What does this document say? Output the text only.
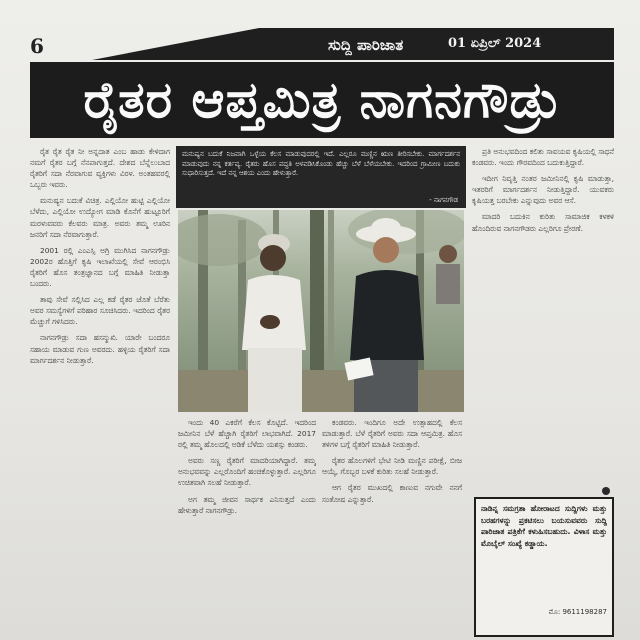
6	ಸುದ್ದಿ ಪಾರಿಜಾತ	01 ಏಪ್ರಿಲ್ 2024
ರೈತರ ಆಪ್ತಮಿತ್ರ ನಾಗನಗೌಡ್ರು

ರೈತ ರೈತ ರೈತ ನೀ ಅನ್ನದಾತ ಎಂಬ ಹಾಡು ಕೇಳಿದಾಗ ನಮಗೆ ರೈತರ ಬಗ್ಗೆ ನೆನಪಾಗುತ್ತದೆ. ದೇಶದ ಬೆನ್ನೆಲುಬಾದ ರೈತರಿಗೆ ಸದಾ ನೆರವಾಗುವ ವ್ಯಕ್ತಿಗಳು ವಿರಳ. ಅಂತಹವರಲ್ಲಿ ಒಬ್ಬರು ಇವರು.

ಮನುಷ್ಯನ ಬದುಕೆ ವಿಚಿತ್ರ. ಎಲ್ಲಿಯೋ ಹುಟ್ಟಿ ಎಲ್ಲಿಯೋ ಬೆಳೆದು, ಎಲ್ಲಿಯೋ ಉದ್ಯೋಗ ಮಾಡಿ ಕೊನೆಗೆ ಹುಟ್ಟೂರಿಗೆ ಮರಳುವವರು ಕೆಲವರು ಮಾತ್ರ. ಅವರು ತಮ್ಮ ಊರಿನ ಜನರಿಗೆ ಸದಾ ನೆರವಾಗುತ್ತಾರೆ.

2001 ರಲ್ಲಿ ಎಂಎಸ್ಸಿ ಅಗ್ರಿ ಮುಗಿಸಿದ ನಾಗನಗೌಡ್ರು 2002ರ ಹೊತ್ತಿಗೆ ಕೃಷಿ ಇಲಾಖೆಯಲ್ಲಿ ಸೇವೆ ಆರಂಭಿಸಿ ರೈತರಿಗೆ ಹೊಸ ತಂತ್ರಜ್ಞಾನದ ಬಗ್ಗೆ ಮಾಹಿತಿ ನೀಡುತ್ತಾ ಬಂದರು.

ತಾವು ಸೇವೆ ಸಲ್ಲಿಸಿದ ಎಲ್ಲ ಕಡೆ ರೈತರ ಜೊತೆ ಬೆರೆತು ಅವರ ಸಮಸ್ಯೆಗಳಿಗೆ ಪರಿಹಾರ ಸೂಚಿಸಿದರು. ಇದರಿಂದ ರೈತರ ಮೆಚ್ಚುಗೆ ಗಳಿಸಿದರು.

ನಾಗನಗೌಡ್ರು ಸದಾ ಹಸನ್ಮುಖಿ. ಯಾರೇ ಬಂದರೂ ಸಹಾಯ ಮಾಡುವ ಗುಣ ಅವರದು. ಹಳ್ಳಿಯ ರೈತರಿಗೆ ಸದಾ ಮಾರ್ಗದರ್ಶನ ನೀಡುತ್ತಾರೆ.

ಮನುಷ್ಯನ ಬದುಕೆ ನಿಜವಾಗಿ ಒಳ್ಳೆಯ ಕೆಲಸ ಮಾಡುವುದರಲ್ಲಿ ಇದೆ. ಎಲ್ಲರೂ ಮಣ್ಣಿನ ಋಣ ತೀರಿಸಬೇಕು. ಮಾರ್ಗದರ್ಶನ ಮಾಡುವುದು ನನ್ನ ಕರ್ತವ್ಯ. ರೈತರು ಹೊಸ ಪದ್ಧತಿ ಅಳವಡಿಸಿಕೊಂಡು ಹೆಚ್ಚು ಬೆಳೆ ಬೆಳೆಯಬೇಕು. ಇದರಿಂದ ಗ್ರಾಮೀಣ ಬದುಕು ಸುಧಾರಿಸುತ್ತದೆ. ಇದೆ ನನ್ನ ಆಶಯ ಎಂದು ಹೇಳುತ್ತಾರೆ.
- ನಾಗನಗೌಡ

ಇಂದು 40 ಎಕರೆಗೆ ಕೆಲಸ ಕೊಟ್ಟಿದೆ. ಇದರಿಂದ ಜಮೀನಿನ ಬೆಳೆ ಹೆಚ್ಚಾಗಿ ರೈತರಿಗೆ ಲಾಭವಾಗಿದೆ. 2017 ರಲ್ಲಿ ತಮ್ಮ ಹೊಲದಲ್ಲಿ ಅಡಿಕೆ ಬೆಳೆದು ಯಶಸ್ಸು ಕಂಡರು.

ಅವರು ಸಣ್ಣ ರೈತರಿಗೆ ಮಾದರಿಯಾಗಿದ್ದಾರೆ. ತಮ್ಮ ಅನುಭವವನ್ನು ಎಲ್ಲರೊಂದಿಗೆ ಹಂಚಿಕೊಳ್ಳುತ್ತಾರೆ. ಎಲ್ಲರಿಗೂ ಉಚಿತವಾಗಿ ಸಲಹೆ ನೀಡುತ್ತಾರೆ.

ಅಗ ತಮ್ಮ ಜೀವನ ಸಾರ್ಥಕ ಎನಿಸುತ್ತದೆ ಎಂದು ಹೇಳುತ್ತಾರೆ ನಾಗನಗೌಡ್ರು.

ಕಂಡವರು. ಇಂದಿಗೂ ಅದೇ ಉತ್ಸಾಹದಲ್ಲಿ ಕೆಲಸ ಮಾಡುತ್ತಾರೆ. ಬೆಳೆ ರೈತರಿಗೆ ಅವರು ಸದಾ ಆಪ್ತಮಿತ್ರ. ಹೊಸ ತಳಿಗಳ ಬಗ್ಗೆ ರೈತರಿಗೆ ಮಾಹಿತಿ ನೀಡುತ್ತಾರೆ.

ರೈತರ ಹೊಲಗಳಿಗೆ ಭೇಟಿ ನೀಡಿ ಮಣ್ಣಿನ ಪರೀಕ್ಷೆ, ಬೀಜ ಆಯ್ಕೆ, ಗೊಬ್ಬರ ಬಳಕೆ ಕುರಿತು ಸಲಹೆ ನೀಡುತ್ತಾರೆ.

ಆಗ ರೈತರ ಮುಖದಲ್ಲಿ ಕಾಣುವ ನಗುವೇ ನನಗೆ ಸಂತೋಷ ಎನ್ನುತ್ತಾರೆ.

ಪ್ರತಿ ಅನುಭವದಿಂದ ಕಲಿತು ಸಾವಯವ ಕೃಷಿಯಲ್ಲಿ ಸಾಧನೆ ಕಂಡವರು. ಇಂದು ಗೌರವದಿಂದ ಬದುಕುತ್ತಿದ್ದಾರೆ.

ಇದೀಗ ನಿವೃತ್ತಿ ನಂತರ ಜಮೀನಿನಲ್ಲಿ ಕೃಷಿ ಮಾಡುತ್ತಾ, ಇತರರಿಗೆ ಮಾರ್ಗದರ್ಶನ ನೀಡುತ್ತಿದ್ದಾರೆ. ಯುವಕರು ಕೃಷಿಯತ್ತ ಬರಬೇಕು ಎನ್ನುವುದು ಅವರ ಆಸೆ.

ಮಾದರಿ ಬದುಕಿನ ಕುರಿತು ಸಾಮಾಜಿಕ ಕಳಕಳಿ ಹೊಂದಿರುವ ನಾಗನಗೌಡರು ಎಲ್ಲರಿಗೂ ಪ್ರೇರಣೆ.

ನಾಡಿನ್ನ ಸಮಗ್ರತಾ ಹೋರಾಟದ ಸುದ್ದಿಗಳು ಮತ್ತು ಬರಹಗಳನ್ನು ಪ್ರಕಟಿಸಲು ಬಯಸುವವರು ಸುದ್ದಿ ಪಾರಿಜಾತ ಪತ್ರಿಕೆಗೆ ಕಳುಹಿಸಬಹುದು. ವಿಳಾಸ ಮತ್ತು ಮೊಬೈಲ್ ಸಂಖ್ಯೆ ಕಡ್ಡಾಯ.
ಮೊ: 9611198287
